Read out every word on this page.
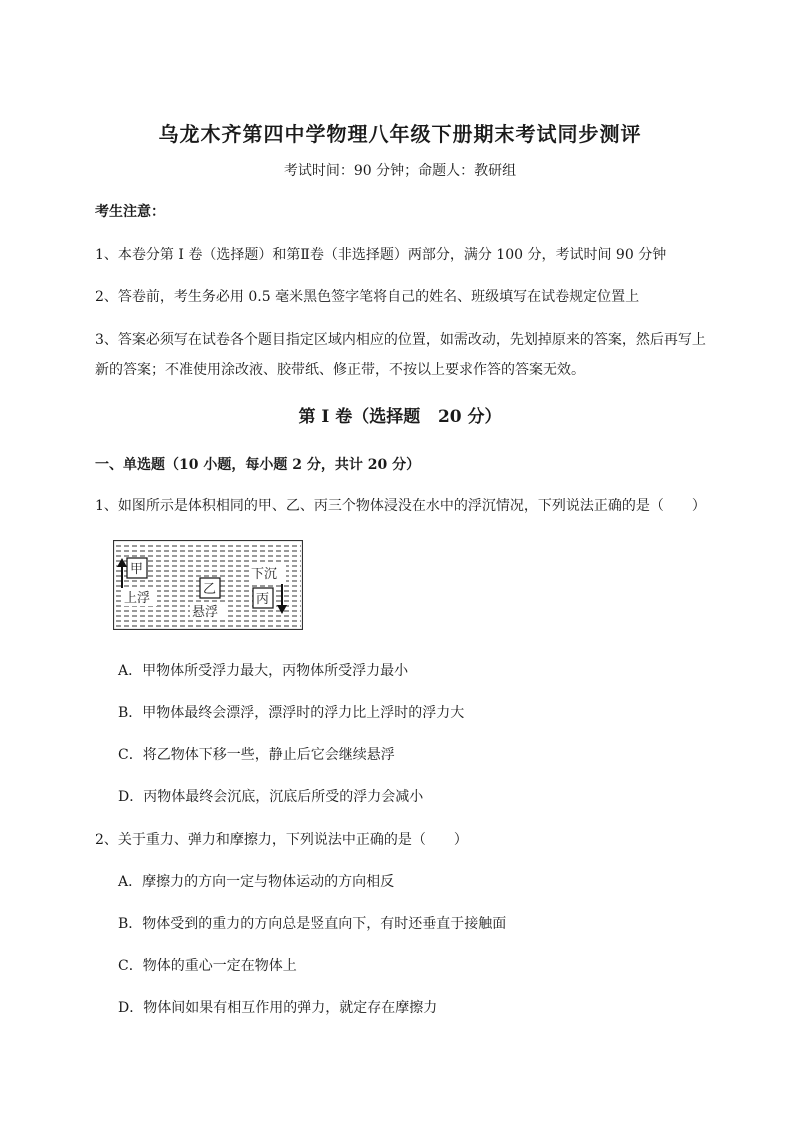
乌龙木齐第四中学物理八年级下册期末考试同步测评
考试时间：90 分钟；命题人：教研组
考生注意：
1、本卷分第 I 卷（选择题）和第Ⅱ卷（非选择题）两部分，满分 100 分，考试时间 90 分钟
2、答卷前，考生务必用 0.5 毫米黑色签字笔将自己的姓名、班级填写在试卷规定位置上
3、答案必须写在试卷各个题目指定区域内相应的位置，如需改动，先划掉原来的答案，然后再写上新的答案；不准使用涂改液、胶带纸、修正带，不按以上要求作答的答案无效。
第 I 卷（选择题   20 分）
一、单选题（10 小题，每小题 2 分，共计 20 分）
1、如图所示是体积相同的甲、乙、丙三个物体浸没在水中的浮沉情况，下列说法正确的是（　　）
甲
上浮
乙
悬浮
下沉
丙
A．甲物体所受浮力最大，丙物体所受浮力最小
B．甲物体最终会漂浮，漂浮时的浮力比上浮时的浮力大
C．将乙物体下移一些，静止后它会继续悬浮
D．丙物体最终会沉底，沉底后所受的浮力会减小
2、关于重力、弹力和摩擦力，下列说法中正确的是（　　）
A．摩擦力的方向一定与物体运动的方向相反
B．物体受到的重力的方向总是竖直向下，有时还垂直于接触面
C．物体的重心一定在物体上
D．物体间如果有相互作用的弹力，就定存在摩擦力
